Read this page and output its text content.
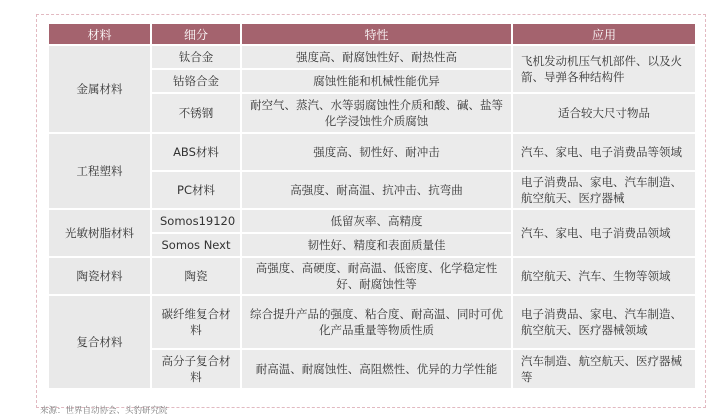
材料	细分	特性	应用
金属材料	钛合金	强度高、耐腐蚀性好、耐热性高	飞机发动机压气机部件、以及火箭、导弹各种结构件
	钴铬合金	腐蚀性能和机械性能优异	
	不锈钢	耐空气、蒸汽、水等弱腐蚀性介质和酸、碱、盐等化学浸蚀性介质腐蚀	适合较大尺寸物品
工程塑料	ABS材料	强度高、韧性好、耐冲击	汽车、家电、电子消费品等领域
	PC材料	高强度、耐高温、抗冲击、抗弯曲	电子消费品、家电、汽车制造、航空航天、医疗器械
光敏树脂材料	Somos19120	低留灰率、高精度	汽车、家电、电子消费品领域
	Somos Next	韧性好、精度和表面质量佳	
陶瓷材料	陶瓷	高强度、高硬度、耐高温、低密度、化学稳定性好、耐腐蚀性等	航空航天、汽车、生物等领域
复合材料	碳纤维复合材料	综合提升产品的强度、粘合度、耐高温、同时可优化产品重量等物质性质	电子消费品、家电、汽车制造、航空航天、医疗器械领域
	高分子复合材料	耐高温、耐腐蚀性、高阻燃性、优异的力学性能	汽车制造、航空航天、医疗器械等
来源：世界自动协会、头豹研究院
